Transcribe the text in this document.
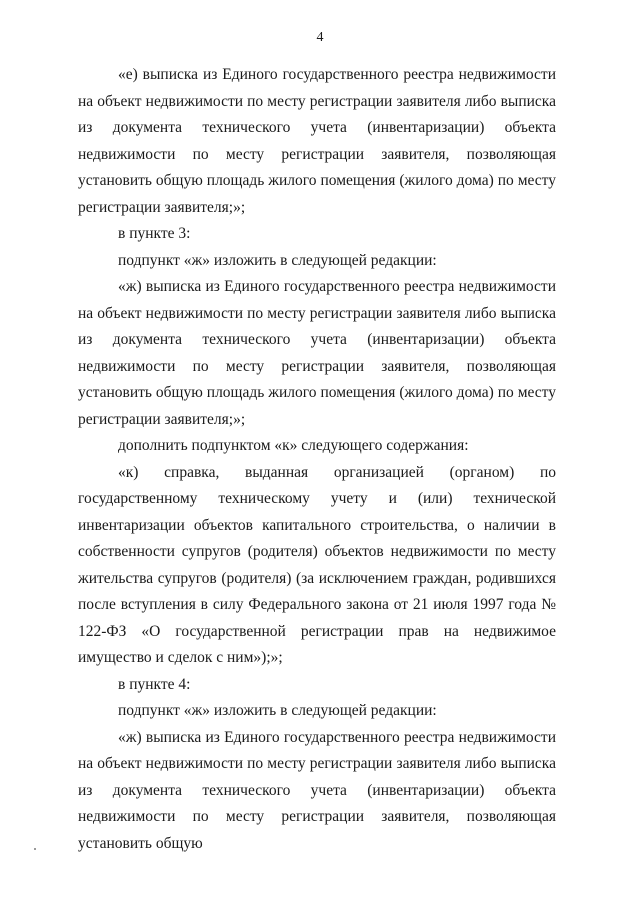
4

«е) выписка из Единого государственного реестра недвижимости на объект недвижимости по месту регистрации заявителя либо выписка из документа технического учета (инвентаризации) объекта недвижимости по месту регистрации заявителя, позволяющая установить общую площадь жилого помещения (жилого дома) по месту регистрации заявителя;»;

в пункте 3:

подпункт «ж» изложить в следующей редакции:

«ж) выписка из Единого государственного реестра недвижимости на объект недвижимости по месту регистрации заявителя либо выписка из документа технического учета (инвентаризации) объекта недвижимости по месту регистрации заявителя, позволяющая установить общую площадь жилого помещения (жилого дома) по месту регистрации заявителя;»;

дополнить подпунктом «к» следующего содержания:

«к) справка, выданная организацией (органом) по государственному техническому учету и (или) технической инвентаризации объектов капитального строительства, о наличии в собственности супругов (родителя) объектов недвижимости по месту жительства супругов (родителя) (за исключением граждан, родившихся после вступления в силу Федерального закона от 21 июля 1997 года № 122-ФЗ «О государственной регистрации прав на недвижимое имущество и сделок с ним»);»;

в пункте 4:

подпункт «ж» изложить в следующей редакции:

«ж) выписка из Единого государственного реестра недвижимости на объект недвижимости по месту регистрации заявителя либо выписка из документа технического учета (инвентаризации) объекта недвижимости по месту регистрации заявителя, позволяющая установить общую
